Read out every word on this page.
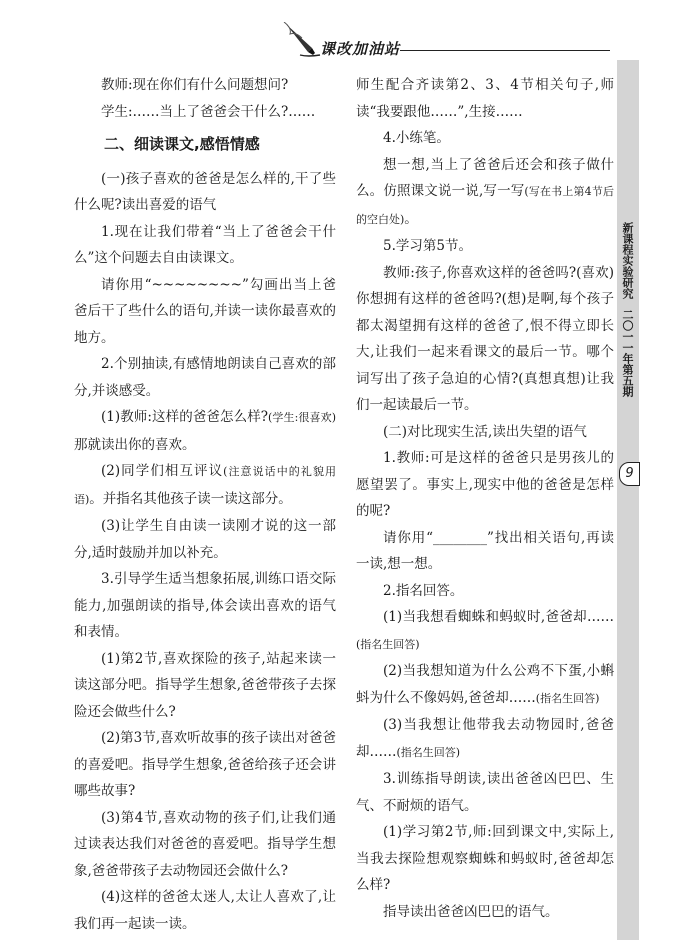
课改加油站
新课程实验研究
二〇一一年第五期
9

教师:现在你们有什么问题想问?

学生:……当上了爸爸会干什么?……

二、细读课文,感悟情感

(一)孩子喜欢的爸爸是怎么样的,干了些什么呢?读出喜爱的语气

1.现在让我们带着“当上了爸爸会干什么”这个问题去自由读课文。

请你用“~~~~~~~~”勾画出当上爸爸后干了些什么的语句,并读一读你最喜欢的地方。

2.个别抽读,有感情地朗读自己喜欢的部分,并谈感受。

(1)教师:这样的爸爸怎么样?(学生:很喜欢)那就读出你的喜欢。

(2)同学们相互评议(注意说话中的礼貌用语)。并指名其他孩子读一读这部分。

(3)让学生自由读一读刚才说的这一部分,适时鼓励并加以补充。

3.引导学生适当想象拓展,训练口语交际能力,加强朗读的指导,体会读出喜欢的语气和表情。

(1)第2节,喜欢探险的孩子,站起来读一读这部分吧。指导学生想象,爸爸带孩子去探险还会做些什么?

(2)第3节,喜欢听故事的孩子读出对爸爸的喜爱吧。指导学生想象,爸爸给孩子还会讲哪些故事?

(3)第4节,喜欢动物的孩子们,让我们通过读表达我们对爸爸的喜爱吧。指导学生想象,爸爸带孩子去动物园还会做什么?

(4)这样的爸爸太迷人,太让人喜欢了,让我们再一起读一读。

师生配合齐读第2、3、4节相关句子,师读“我要跟他……”,生接……

4.小练笔。

想一想,当上了爸爸后还会和孩子做什么。仿照课文说一说,写一写(写在书上第4节后的空白处)。

5.学习第5节。

教师:孩子,你喜欢这样的爸爸吗?(喜欢)你想拥有这样的爸爸吗?(想)是啊,每个孩子都太渴望拥有这样的爸爸了,恨不得立即长大,让我们一起来看课文的最后一节。哪个词写出了孩子急迫的心情?(真想真想)让我们一起读最后一节。

(二)对比现实生活,读出失望的语气

1.教师:可是这样的爸爸只是男孩儿的愿望罢了。事实上,现实中他的爸爸是怎样的呢?

请你用“________”找出相关语句,再读一读,想一想。

2.指名回答。

(1)当我想看蜘蛛和蚂蚁时,爸爸却……(指名生回答)

(2)当我想知道为什么公鸡不下蛋,小蝌蚪为什么不像妈妈,爸爸却……(指名生回答)

(3)当我想让他带我去动物园时,爸爸却……(指名生回答)

3.训练指导朗读,读出爸爸凶巴巴、生气、不耐烦的语气。

(1)学习第2节,师:回到课文中,实际上,当我去探险想观察蜘蛛和蚂蚁时,爸爸却怎么样?

指导读出爸爸凶巴巴的语气。
